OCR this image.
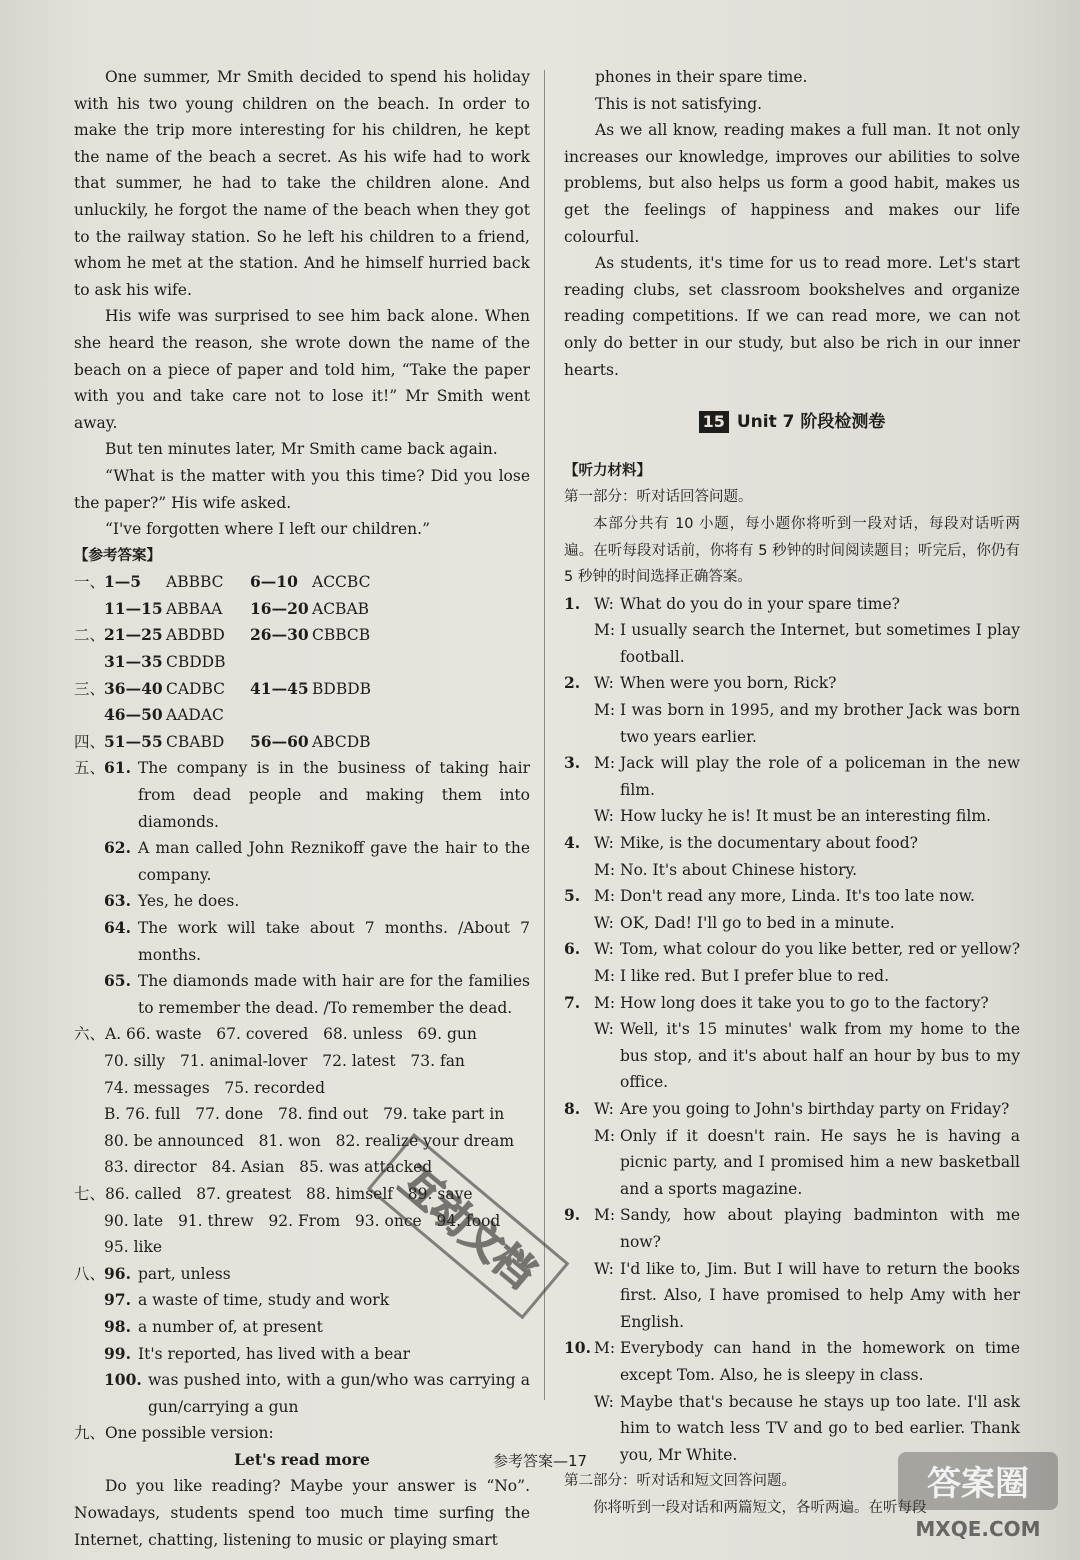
One summer, Mr Smith decided to spend his holiday with his two young children on the beach. In order to make the trip more interesting for his children, he kept the name of the beach a secret. As his wife had to work that summer, he had to take the children alone. And unluckily, he forgot the name of the beach when they got to the railway station. So he left his children to a friend, whom he met at the station. And he himself hurried back to ask his wife.

His wife was surprised to see him back alone. When she heard the reason, she wrote down the name of the beach on a piece of paper and told him, “Take the paper with you and take care not to lose it!” Mr Smith went away.

But ten minutes later, Mr Smith came back again.

“What is the matter with you this time? Did you lose the paper?” His wife asked.

“I've forgotten where I left our children.”

【参考答案】

一、1—5 ABBBC 6—10 ACCBC

11—15 ABBAA 16—20 ACBAB

二、21—25 ABDBD 26—30 CBBCB

31—35 CBDDB

三、36—40 CADBC 41—45 BDBDB

46—50 AADAC

四、51—55 CBABD 56—60 ABCDB

五、
61. The company is in the business of taking hair from dead people and making them into diamonds.
62. A man called John Reznikoff gave the hair to the company.
63. Yes, he does.
64. The work will take about 7 months. /About 7 months.
65. The diamonds made with hair are for the families to remember the dead. /To remember the dead.

六、A. 66. waste   67. covered   68. unless   69. gun

70. silly   71. animal-lover   72. latest   73. fan

74. messages   75. recorded

B. 76. full   77. done   78. find out   79. take part in

80. be announced   81. won   82. realize your dream

83. director   84. Asian   85. was attacked

七、86. called   87. greatest   88. himself   89. save

90. late   91. threw   92. From   93. once   94. food

95. like

八、
96. part, unless
97. a waste of time, study and work
98. a number of, at present
99. It's reported, has lived with a bear
100. was pushed into, with a gun/who was carrying a gun/carrying a gun

九、One possible version:

Let's read more

Do you like reading? Maybe your answer is “No”. Nowadays, students spend too much time surfing the Internet, chatting, listening to music or playing smart

phones in their spare time.

This is not satisfying.

As we all know, reading makes a full man. It not only increases our knowledge, improves our abilities to solve problems, but also helps us form a good habit, makes us get the feelings of happiness and makes our life colourful.

As students, it's time for us to read more. Let's start reading clubs, set classroom bookshelves and organize reading competitions. If we can read more, we can not only do better in our study, but also be rich in our inner hearts.

15 Unit 7 阶段检测卷

【听力材料】

第一部分：听对话回答问题。

本部分共有 10 小题，每小题你将听到一段对话，每段对话听两遍。在听每段对话前，你将有 5 秒钟的时间阅读题目；听完后，你仍有 5 秒钟的时间选择正确答案。

1. W: What do you do in your spare time?
M: I usually search the Internet, but sometimes I play football.
2. W: When were you born, Rick?
M: I was born in 1995, and my brother Jack was born two years earlier.
3. M: Jack will play the role of a policeman in the new film.
W: How lucky he is! It must be an interesting film.
4. W: Mike, is the documentary about food?
M: No. It's about Chinese history.
5. M: Don't read any more, Linda. It's too late now.
W: OK, Dad! I'll go to bed in a minute.
6. W: Tom, what colour do you like better, red or yellow?
M: I like red. But I prefer blue to red.
7. M: How long does it take you to go to the factory?
W: Well, it's 15 minutes' walk from my home to the bus stop, and it's about half an hour by bus to my office.
8. W: Are you going to John's birthday party on Friday?
M: Only if it doesn't rain. He says he is having a picnic party, and I promised him a new basketball and a sports magazine.
9. M: Sandy, how about playing badminton with me now?
W: I'd like to, Jim. But I will have to return the books first. Also, I have promised to help Amy with her English.
10. M: Everybody can hand in the homework on time except Tom. Also, he is sleepy in class.
W: Maybe that's because he stays up too late. I'll ask him to watch less TV and go to bed earlier. Thank you, Mr White.

第二部分：听对话和短文回答问题。

你将听到一段对话和两篇短文，各听两遍。在听每段

参考答案—17
互动文档
答案圈
MXQE.COM
